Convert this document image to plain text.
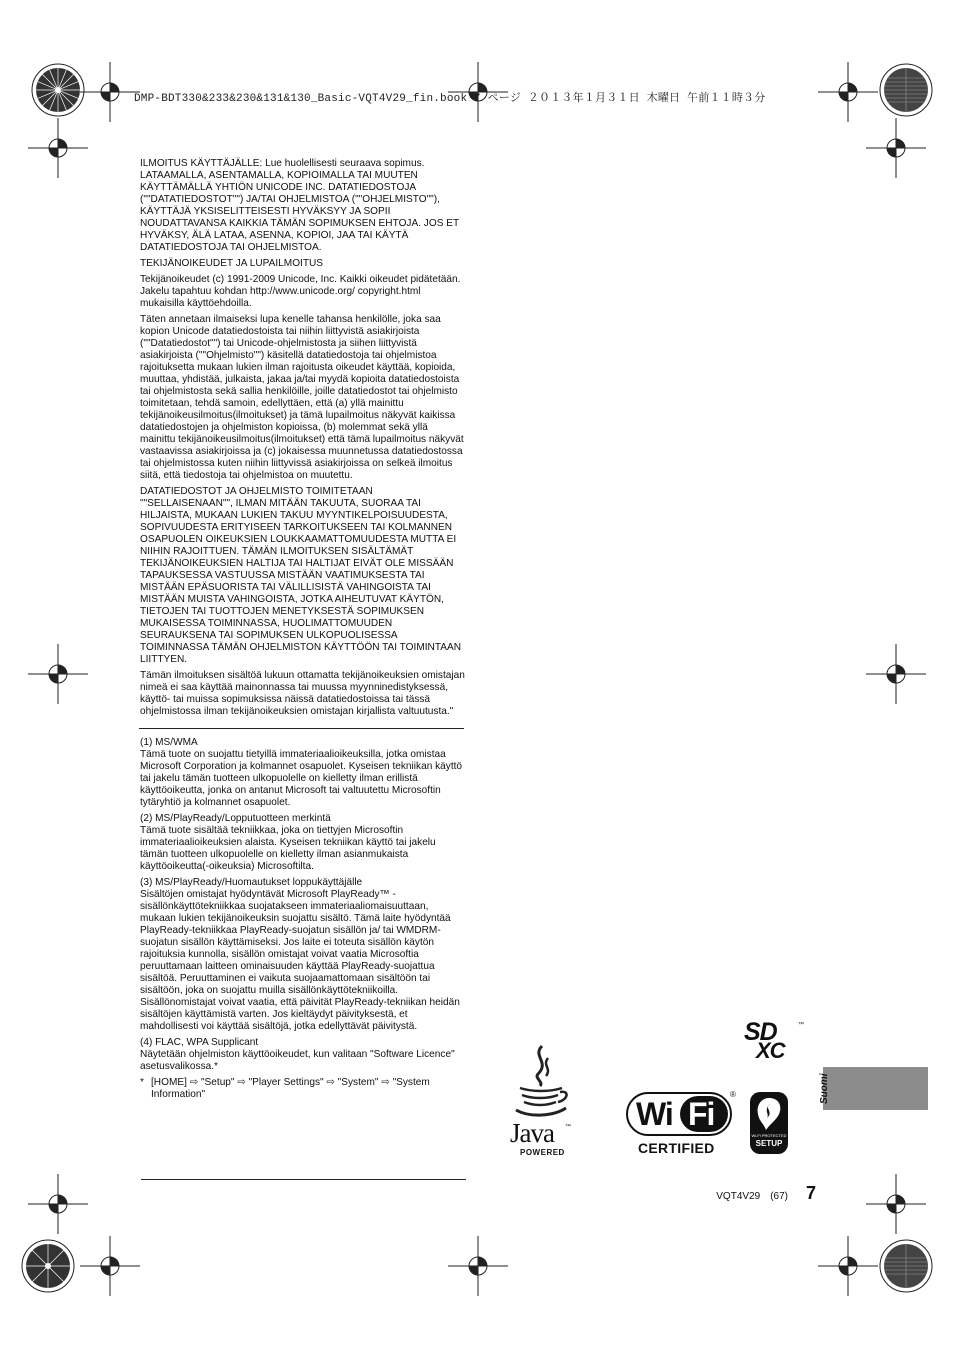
DMP-BDT330&233&230&131&130_Basic-VQT4V29_fin.book 7 ページ ２０１３年１月３１日 木曜日 午前１１時３分

ILMOITUS KÄYTTÄJÄLLE: Lue huolellisesti seuraava sopimus. LATAAMALLA, ASENTAMALLA, KOPIOIMALLA TAI MUUTEN KÄYTTÄMÄLLÄ YHTIÖN UNICODE INC. DATATIEDOSTOJA (""DATATIEDOSTOT"") JA/TAI OHJELMISTOA (""OHJELMISTO""), KÄYTTÄJÄ YKSISELITTEISESTI HYVÄKSYY JA SOPII NOUDATTAVANSA KAIKKIA TÄMÄN SOPIMUKSEN EHTOJA. JOS ET HYVÄKSY, ÄLÄ LATAA, ASENNA, KOPIOI, JAA TAI KÄYTÄ DATATIEDOSTOJA TAI OHJELMISTOA.

TEKIJÄNOIKEUDET JA LUPAILMOITUS

Tekijänoikeudet (c) 1991-2009 Unicode, Inc. Kaikki oikeudet pidätetään. Jakelu tapahtuu kohdan http://www.unicode.org/ copyright.html mukaisilla käyttöehdoilla.

Täten annetaan ilmaiseksi lupa kenelle tahansa henkilölle, joka saa kopion Unicode datatiedostoista tai niihin liittyvistä asiakirjoista (""Datatiedostot"") tai Unicode-ohjelmistosta ja siihen liittyvistä asiakirjoista (""Ohjelmisto"") käsitellä datatiedostoja tai ohjelmistoa rajoituksetta mukaan lukien ilman rajoitusta oikeudet käyttää, kopioida, muuttaa, yhdistää, julkaista, jakaa ja/tai myydä kopioita datatiedostoista tai ohjelmistosta sekä sallia henkilöille, joille datatiedostot tai ohjelmisto toimitetaan, tehdä samoin, edellyttäen, että (a) yllä mainittu tekijänoikeusilmoitus(ilmoitukset) ja tämä lupailmoitus näkyvät kaikissa datatiedostojen ja ohjelmiston kopioissa, (b) molemmat sekä yllä mainittu tekijänoikeusilmoitus(ilmoitukset) että tämä lupailmoitus näkyvät vastaavissa asiakirjoissa ja (c) jokaisessa muunnetussa datatiedostossa tai ohjelmistossa kuten niihin liittyvissä asiakirjoissa on selkeä ilmoitus siitä, että tiedostoja tai ohjelmistoa on muutettu.

DATATIEDOSTOT JA OHJELMISTO TOIMITETAAN ""SELLAISENAAN"", ILMAN MITÄÄN TAKUUTA, SUORAA TAI HILJAISTA, MUKAAN LUKIEN TAKUU MYYNTIKELPOISUUDESTA, SOPIVUUDESTA ERITYISEEN TARKOITUKSEEN TAI KOLMANNEN OSAPUOLEN OIKEUKSIEN LOUKKAAMATTOMUUDESTA MUTTA EI NIIHIN RAJOITTUEN. TÄMÄN ILMOITUKSEN SISÄLTÄMÄT TEKIJÄNOIKEUKSIEN HALTIJA TAI HALTIJAT EIVÄT OLE MISSÄÄN TAPAUKSESSA VASTUUSSA MISTÄÄN VAATIMUKSESTA TAI MISTÄÄN EPÄSUORISTA TAI VÄLILLISISTÄ VAHINGOISTA TAI MISTÄÄN MUISTA VAHINGOISTA, JOTKA AIHEUTUVAT KÄYTÖN, TIETOJEN TAI TUOTTOJEN MENETYKSESTÄ SOPIMUKSEN MUKAISESSA TOIMINNASSA, HUOLIMATTOMUUDEN SEURAUKSENA TAI SOPIMUKSEN ULKOPUOLISESSA TOIMINNASSA TÄMÄN OHJELMISTON KÄYTTÖÖN TAI TOIMINTAAN LIITTYEN.

Tämän ilmoituksen sisältöä lukuun ottamatta tekijänoikeuksien omistajan nimeä ei saa käyttää mainonnassa tai muussa myynninedistyksessä, käyttö- tai muissa sopimuksissa näissä datatiedostoissa tai tässä ohjelmistossa ilman tekijänoikeuksien omistajan kirjallista valtuutusta."

(1) MS/WMA
Tämä tuote on suojattu tietyillä immateriaalioikeuksilla, jotka omistaa Microsoft Corporation ja kolmannet osapuolet. Kyseisen tekniikan käyttö tai jakelu tämän tuotteen ulkopuolelle on kielletty ilman erillistä käyttöoikeutta, jonka on antanut Microsoft tai valtuutettu Microsoftin tytäryhtiö ja kolmannet osapuolet.
(2) MS/PlayReady/Lopputuotteen merkintä
Tämä tuote sisältää tekniikkaa, joka on tiettyjen Microsoftin immateriaalioikeuksien alaista. Kyseisen tekniikan käyttö tai jakelu tämän tuotteen ulkopuolelle on kielletty ilman asianmukaista käyttöoikeutta(-oikeuksia) Microsoftilta.
(3) MS/PlayReady/Huomautukset loppukäyttäjälle
Sisältöjen omistajat hyödyntävät Microsoft PlayReady™ -sisällönkäyttötekniikkaa suojatakseen immateriaaliomaisuuttaan, mukaan lukien tekijänoikeuksin suojattu sisältö. Tämä laite hyödyntää PlayReady-tekniikkaa PlayReady-suojatun sisällön ja/ tai WMDRM-suojatun sisällön käyttämiseksi. Jos laite ei toteuta sisällön käytön rajoituksia kunnolla, sisällön omistajat voivat vaatia Microsoftia peruuttamaan laitteen ominaisuuden käyttää PlayReady-suojattua sisältöä. Peruuttaminen ei vaikuta suojaamattomaan sisältöön tai sisältöön, joka on suojattu muilla sisällönkäyttötekniikoilla. Sisällönomistajat voivat vaatia, että päivität PlayReady-tekniikan heidän sisältöjen käyttämistä varten. Jos kieltäydyt päivityksestä, et mahdollisesti voi käyttää sisältöjä, jotka edellyttävät päivitystä.
(4) FLAC, WPA Supplicant
Näytetään ohjelmiston käyttöoikeudet, kun valitaan "Software Licence" asetusvalikossa.*
* [HOME] ⇨ "Setup" ⇨ "Player Settings" ⇨ "System" ⇨ "System Information"
SD
XC
™
Java ™
POWERED
Wi Fi
®
CERTIFIED
Wi-Fi PROTECTED
SETUP
Suomi
VQT4V29 (67) 7
